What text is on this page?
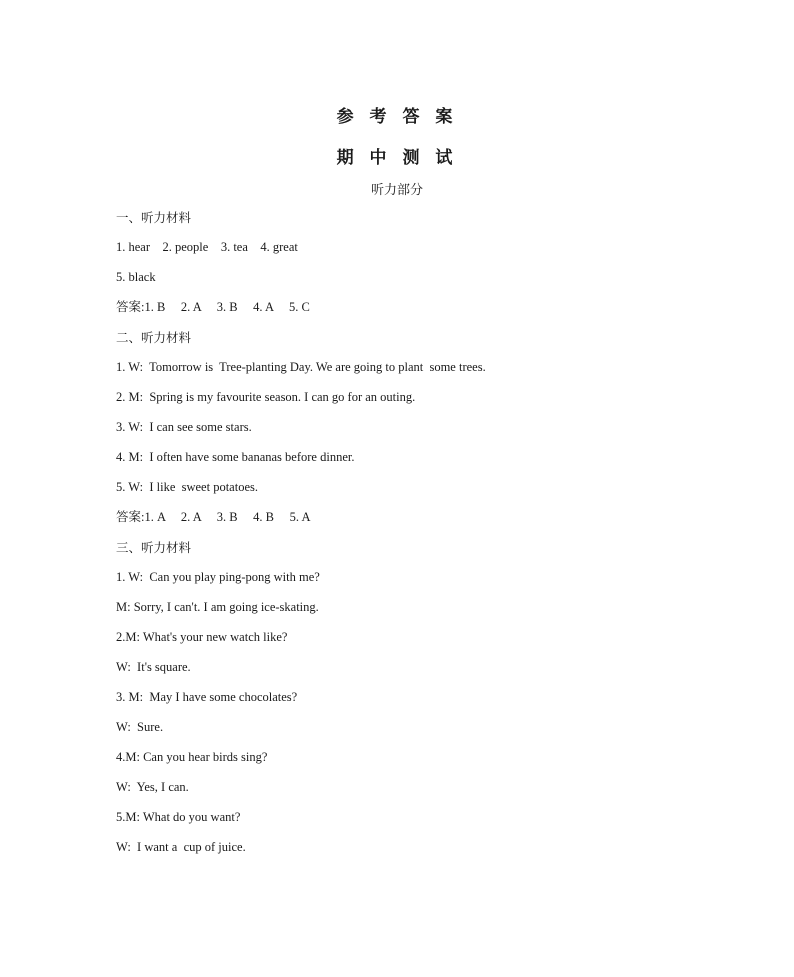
参 考 答 案
期 中 测 试
听力部分
一、听力材料
1. hear    2. people    3. tea    4. great
5. black
答案:1. B     2. A     3. B     4. A     5. C
二、听力材料
1. W:  Tomorrow is  Tree-planting Day. We are going to plant  some trees.
2. M:  Spring is my favourite season. I can go for an outing.
3. W:  I can see some stars.
4. M:  I often have some bananas before dinner.
5. W:  I like  sweet potatoes.
答案:1. A     2. A     3. B     4. B     5. A
三、听力材料
1. W:  Can you play ping-pong with me?
M: Sorry, I can't. I am going ice-skating.
2.M: What's your new watch like?
W:  It's square.
3. M:  May I have some chocolates?
W:  Sure.
4.M: Can you hear birds sing?
W:  Yes, I can.
5.M: What do you want?
W:  I want a  cup of juice.
